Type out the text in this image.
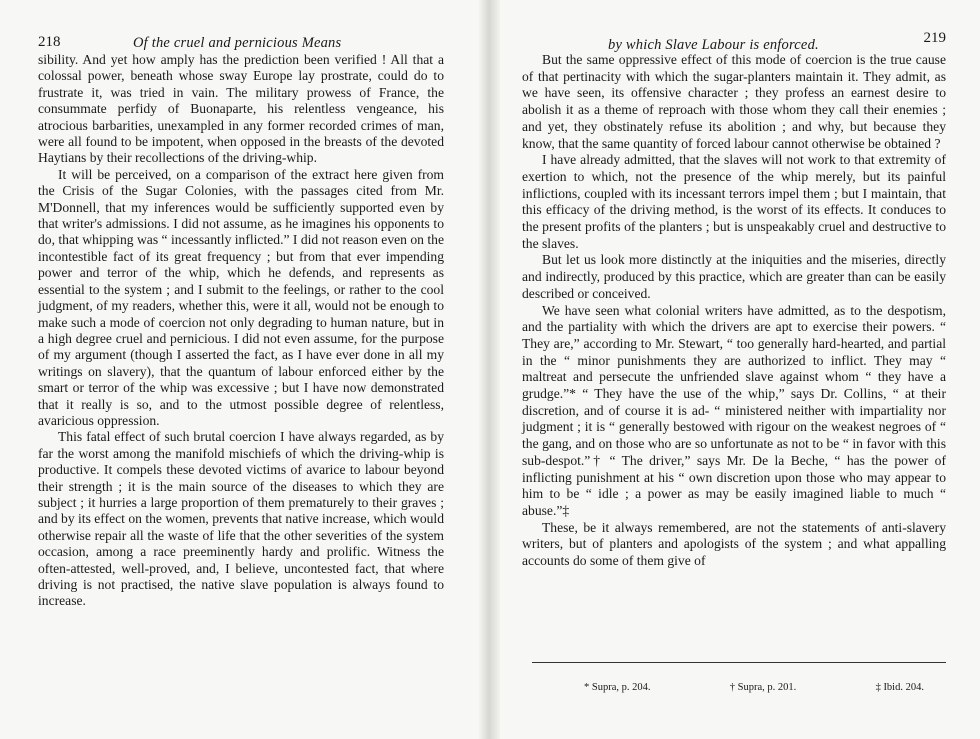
218	Of the cruel and pernicious Means

sibility. And yet how amply has the prediction been verified ! All that a colossal power, beneath whose sway Europe lay prostrate, could do to frustrate it, was tried in vain. The military prowess of France, the consummate perfidy of Buonaparte, his relentless vengeance, his atrocious barbarities, unexampled in any former recorded crimes of man, were all found to be impotent, when opposed in the breasts of the devoted Haytians by their recollections of the driving-whip.

It will be perceived, on a comparison of the extract here given from the Crisis of the Sugar Colonies, with the passages cited from Mr. M'Donnell, that my inferences would be sufficiently supported even by that writer's admissions. I did not assume, as he imagines his opponents to do, that whipping was “ incessantly inflicted.” I did not reason even on the incontestible fact of its great frequency ; but from that ever impending power and terror of the whip, which he defends, and represents as essential to the system ; and I submit to the feelings, or rather to the cool judgment, of my readers, whether this, were it all, would not be enough to make such a mode of coercion not only degrading to human nature, but in a high degree cruel and pernicious. I did not even assume, for the purpose of my argument (though I asserted the fact, as I have ever done in all my writings on slavery), that the quantum of labour enforced either by the smart or terror of the whip was excessive ; but I have now demonstrated that it really is so, and to the utmost possible degree of relentless, avaricious oppression.

This fatal effect of such brutal coercion I have always regarded, as by far the worst among the manifold mischiefs of which the driving-whip is productive. It compels these devoted victims of avarice to labour beyond their strength ; it is the main source of the diseases to which they are subject ; it hurries a large proportion of them prematurely to their graves ; and by its effect on the women, prevents that native increase, which would otherwise repair all the waste of life that the other severities of the system occasion, among a race preeminently hardy and prolific. Witness the often-attested, well-proved, and, I believe, uncontested fact, that where driving is not practised, the native slave population is always found to increase.

by which Slave Labour is enforced.	219

But the same oppressive effect of this mode of coercion is the true cause of that pertinacity with which the sugar-planters maintain it. They admit, as we have seen, its offensive character ; they profess an earnest desire to abolish it as a theme of reproach with those whom they call their enemies ; and yet, they obstinately refuse its abolition ; and why, but because they know, that the same quantity of forced labour cannot otherwise be obtained ?

I have already admitted, that the slaves will not work to that extremity of exertion to which, not the presence of the whip merely, but its painful inflictions, coupled with its incessant terrors impel them ; but I maintain, that this efficacy of the driving method, is the worst of its effects. It conduces to the present profits of the planters ; but is unspeakably cruel and destructive to the slaves.

But let us look more distinctly at the iniquities and the miseries, directly and indirectly, produced by this practice, which are greater than can be easily described or conceived.

We have seen what colonial writers have admitted, as to the despotism, and the partiality with which the drivers are apt to exercise their powers. “ They are,” according to Mr. Stewart, “ too generally hard-hearted, and partial in the “ minor punishments they are authorized to inflict. They may “ maltreat and persecute the unfriended slave against whom “ they have a grudge.”* “ They have the use of the whip,” says Dr. Collins, “ at their discretion, and of course it is ad- “ ministered neither with impartiality nor judgment ; it is “ generally bestowed with rigour on the weakest negroes of “ the gang, and on those who are so unfortunate as not to be “ in favor with this sub-despot.”† “ The driver,” says Mr. De la Beche, “ has the power of inflicting punishment at his “ own discretion upon those who may appear to him to be “ idle ; a power as may be easily imagined liable to much “ abuse.”‡

These, be it always remembered, are not the statements of anti-slavery writers, but of planters and apologists of the system ; and what appalling accounts do some of them give of

* Supra, p. 204.	† Supra, p. 201.	‡ Ibid. 204.
